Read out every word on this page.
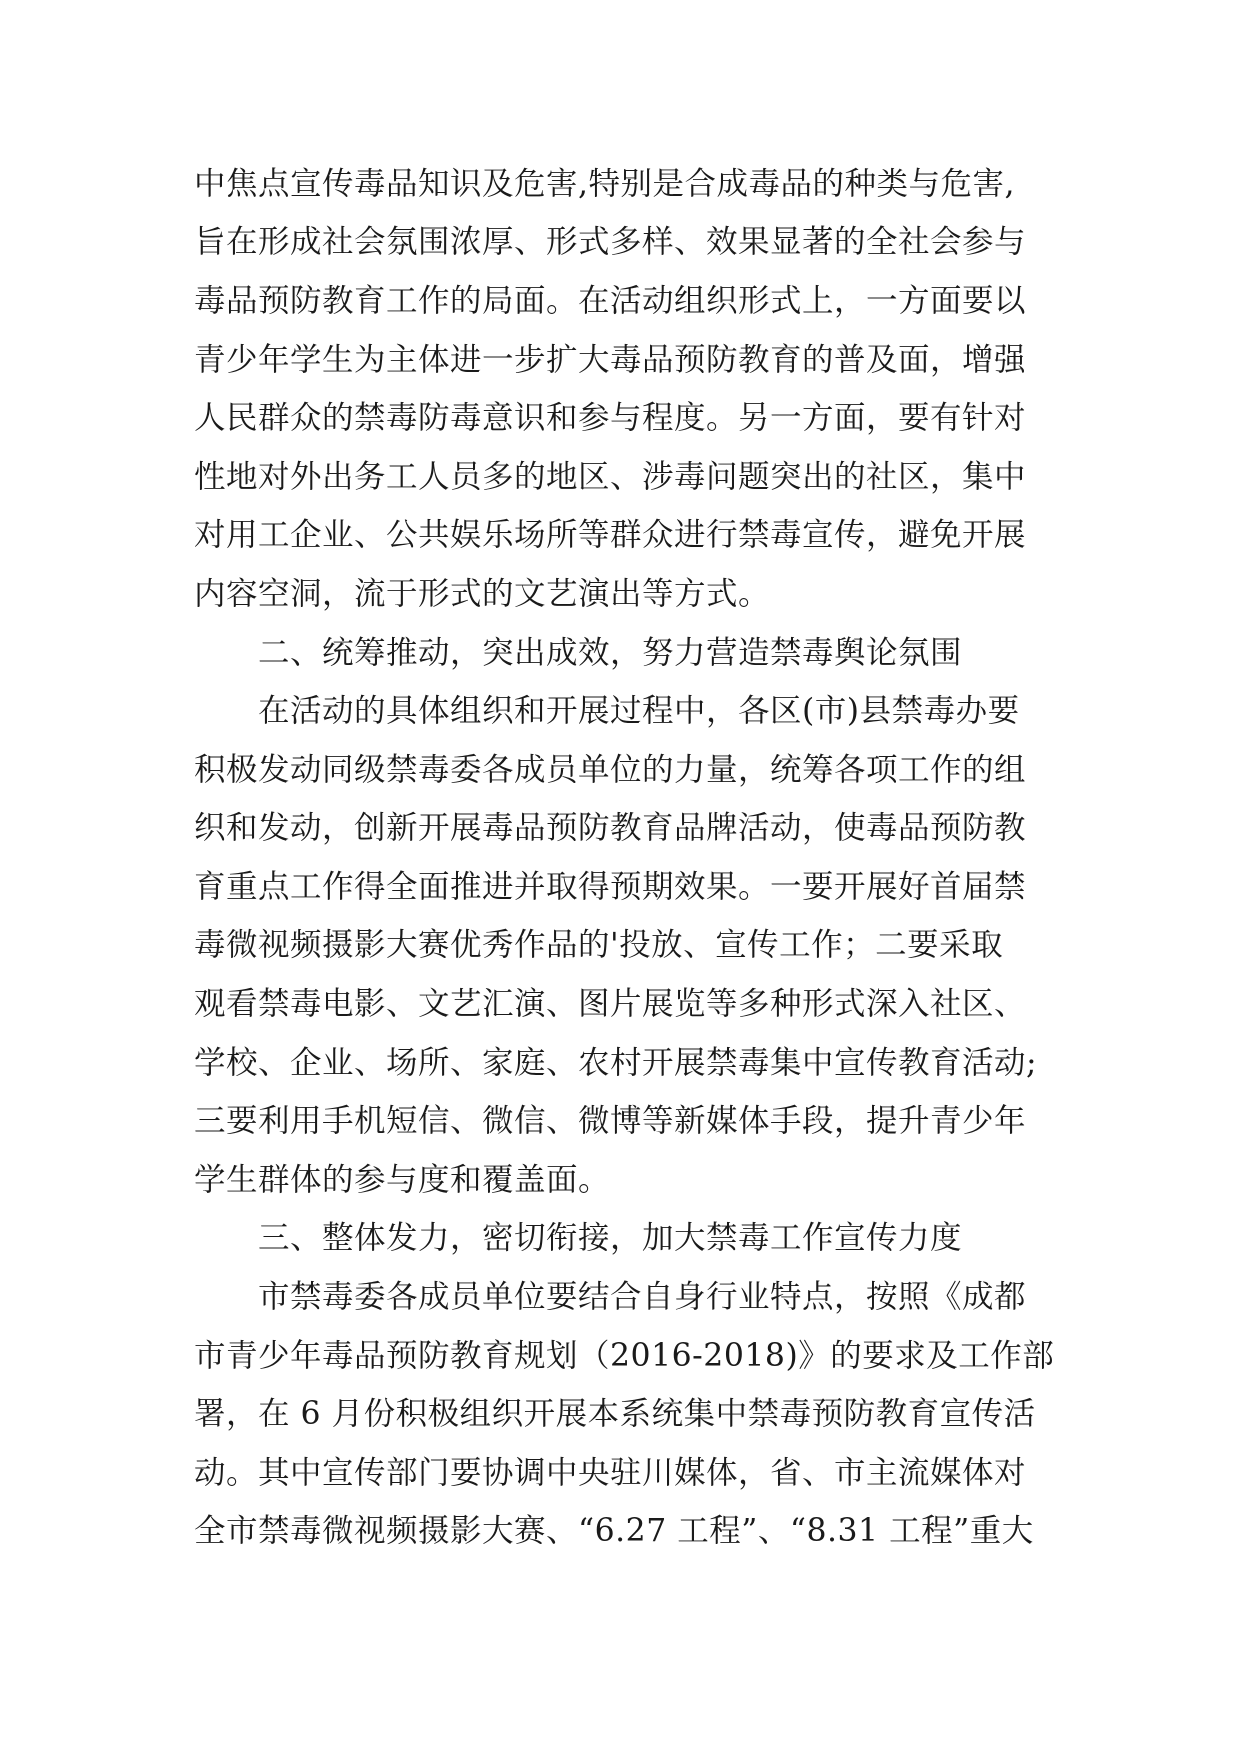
中焦点宣传毒品知识及危害,特别是合成毒品的种类与危害,
旨在形成社会氛围浓厚、形式多样、效果显著的全社会参与
毒品预防教育工作的局面。在活动组织形式上，一方面要以
青少年学生为主体进一步扩大毒品预防教育的普及面，增强
人民群众的禁毒防毒意识和参与程度。另一方面，要有针对
性地对外出务工人员多的地区、涉毒问题突出的社区，集中
对用工企业、公共娱乐场所等群众进行禁毒宣传，避免开展
内容空洞，流于形式的文艺演出等方式。
　　二、统筹推动，突出成效，努力营造禁毒舆论氛围
　　在活动的具体组织和开展过程中，各区(市)县禁毒办要
积极发动同级禁毒委各成员单位的力量，统筹各项工作的组
织和发动，创新开展毒品预防教育品牌活动，使毒品预防教
育重点工作得全面推进并取得预期效果。一要开展好首届禁
毒微视频摄影大赛优秀作品的'投放、宣传工作；二要采取
观看禁毒电影、文艺汇演、图片展览等多种形式深入社区、
学校、企业、场所、家庭、农村开展禁毒集中宣传教育活动;
三要利用手机短信、微信、微博等新媒体手段，提升青少年
学生群体的参与度和覆盖面。
　　三、整体发力，密切衔接，加大禁毒工作宣传力度
　　市禁毒委各成员单位要结合自身行业特点，按照《成都
市青少年毒品预防教育规划（2016-2018)》的要求及工作部
署，在 6 月份积极组织开展本系统集中禁毒预防教育宣传活
动。其中宣传部门要协调中央驻川媒体，省、市主流媒体对
全市禁毒微视频摄影大赛、“6.27 工程”、“8.31 工程”重大
